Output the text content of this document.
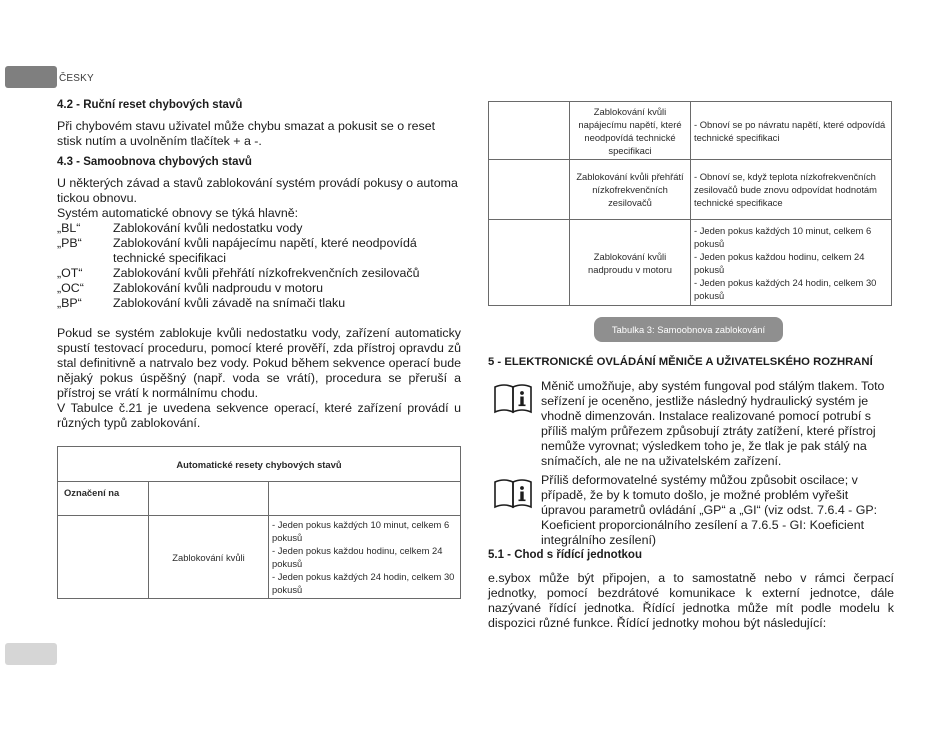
ČESKY

4.2 - Ruční reset chybových stavů

Při chybovém stavu uživatel může chybu smazat a pokusit se o reset stisk nutím a uvolněním tlačítek + a -.

4.3 - Samoobnova chybových stavů

U některých závad a stavů zablokování systém provádí pokusy o automa tickou obnovu.

Systém automatické obnovy se týká hlavně:

„BL“	Zablokování kvůli nedostatku vody
„PB“	Zablokování kvůli napájecímu napětí, které neodpovídá technické specifikaci
„OT“	Zablokování kvůli přehřátí nízkofrekvenčních zesilovačů
„OC“	Zablokování kvůli nadproudu v motoru
„BP“	Zablokování kvůli závadě na snímači tlaku

Pokud se systém zablokuje kvůli nedostatku vody, zařízení automaticky spustí testovací proceduru, pomocí které prověří, zda přístroj opravdu zů stal definitivně a natrvalo bez vody. Pokud během sekvence operací bude nějaký pokus úspěšný (např. voda se vrátí), procedura se přeruší a přístroj se vrátí k normálnímu chodu.

V Tabulce č.21 je uvedena sekvence operací, které zařízení provádí u různých typů zablokování.

Automatické resety chybových stavů		
Označení na		
	Zablokování kvůli	- Jeden pokus každých 10 minut, celkem 6 pokusů
- Jeden pokus každou hodinu, celkem 24 pokusů
- Jeden pokus každých 24 hodin, celkem 30 pokusů
	Zablokování kvůli napájecímu napětí, které neodpovídá technické specifikaci	- Obnoví se po návratu napětí, které odpovídá technické specifikaci

	Zablokování kvůli přehřátí nízkofrekvenčních zesilovačů	- Obnoví se, když teplota nízkofrekvenčních zesilovačů bude znovu odpovídat hodnotám technické specifikace

	Zablokování kvůli nadproudu v motoru	- Jeden pokus každých 10 minut, celkem 6 pokusů
- Jeden pokus každou hodinu, celkem 24 pokusů
- Jeden pokus každých 24 hodin, celkem 30 pokusů
Tabulka 3: Samoobnova zablokování
5 - ELEKTRONICKÉ OVLÁDÁNÍ MĚNIČE A UŽIVATELSKÉHO ROZHRANÍ
Měnič umožňuje, aby systém fungoval pod stálým tlakem. Toto seřízení je oceněno, jestliže následný hydraulický systém je vhodně dimenzován. Instalace realizované pomocí potrubí s příliš malým průřezem způsobují ztráty zatížení, které přístroj nemůže vyrovnat; výsledkem toho je, že tlak je pak stálý na snímačích, ale ne na uživatelském zařízení.
Příliš deformovatelné systémy můžou způsobit oscilace; v případě, že by k tomuto došlo, je možné problém vyřešit úpravou parametrů ovládání „GP“ a „GI“ (viz odst. 7.6.4 - GP: Koeficient proporcionálního zesílení a 7.6.5 - GI: Koeficient integrálního zesílení)
5.1 - Chod s řídící jednotkou
e.sybox může být připojen, a to samostatně nebo v rámci čerpací jednotky, pomocí bezdrátové komunikace k externí jednotce, dále nazývané řídící jednotka. Řídící jednotka může mít podle modelu k dispozici různé funkce. Řídící jednotky mohou být následující:
